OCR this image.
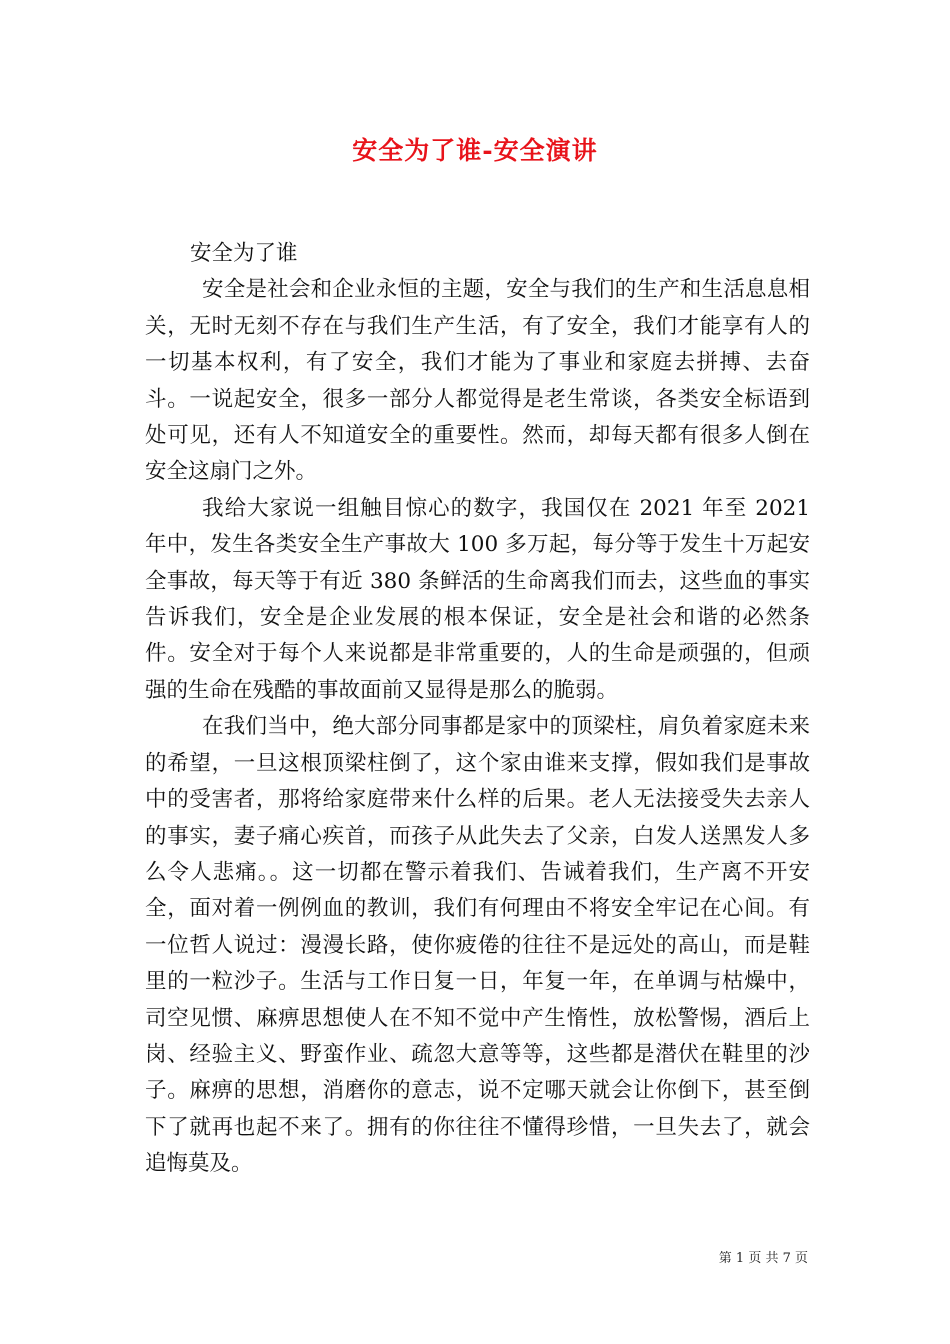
安全为了谁-安全演讲

安全为了谁

安全是社会和企业永恒的主题，安全与我们的生产和生活息息相关，无时无刻不存在与我们生产生活，有了安全，我们才能享有人的一切基本权利，有了安全，我们才能为了事业和家庭去拼搏、去奋斗。一说起安全，很多一部分人都觉得是老生常谈，各类安全标语到处可见，还有人不知道安全的重要性。然而，却每天都有很多人倒在安全这扇门之外。

我给大家说一组触目惊心的数字，我国仅在 2021 年至 2021 年中，发生各类安全生产事故大 100 多万起，每分等于发生十万起安全事故，每天等于有近 380 条鲜活的生命离我们而去，这些血的事实告诉我们，安全是企业发展的根本保证，安全是社会和谐的必然条件。安全对于每个人来说都是非常重要的，人的生命是顽强的，但顽强的生命在残酷的事故面前又显得是那么的脆弱。

在我们当中，绝大部分同事都是家中的顶梁柱，肩负着家庭未来的希望，一旦这根顶梁柱倒了，这个家由谁来支撑，假如我们是事故中的受害者，那将给家庭带来什么样的后果。老人无法接受失去亲人的事实，妻子痛心疾首，而孩子从此失去了父亲，白发人送黑发人多么令人悲痛。。这一切都在警示着我们、告诫着我们，生产离不开安全，面对着一例例血的教训，我们有何理由不将安全牢记在心间。有一位哲人说过：漫漫长路，使你疲倦的往往不是远处的高山，而是鞋里的一粒沙子。生活与工作日复一日，年复一年，在单调与枯燥中，司空见惯、麻痹思想使人在不知不觉中产生惰性，放松警惕，酒后上岗、经验主义、野蛮作业、疏忽大意等等，这些都是潜伏在鞋里的沙子。麻痹的思想，消磨你的意志，说不定哪天就会让你倒下，甚至倒下了就再也起不来了。拥有的你往往不懂得珍惜，一旦失去了，就会追悔莫及。

第 1 页 共 7 页
